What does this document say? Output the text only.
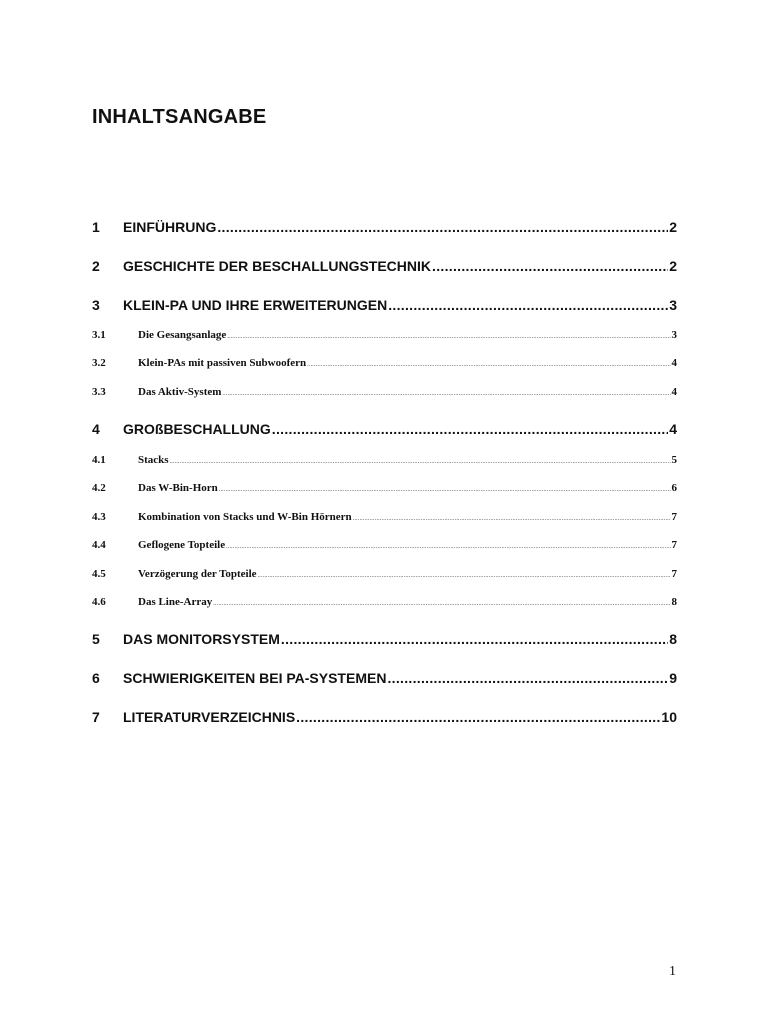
INHALTSANGABE
1	EINFÜHRUNG .....	2
2	GESCHICHTE DER BESCHALLUNGSTECHNIK .....	2
3	KLEIN-PA UND IHRE ERWEITERUNGEN .....	3
3.1	Die Gesangsanlage .....	3
3.2	Klein-PAs mit passiven Subwoofern .....	4
3.3	Das Aktiv-System .....	4
4	GROßBESCHALLUNG .....	4
4.1	Stacks .....	5
4.2	Das W-Bin-Horn .....	6
4.3	Kombination von Stacks und W-Bin Hörnern .....	7
4.4	Geflogene Topteile .....	7
4.5	Verzögerung der Topteile .....	7
4.6	Das Line-Array .....	8
5	DAS MONITORSYSTEM .....	8
6	SCHWIERIGKEITEN BEI PA-SYSTEMEN .....	9
7	LITERATURVERZEICHNIS .....	10
1
